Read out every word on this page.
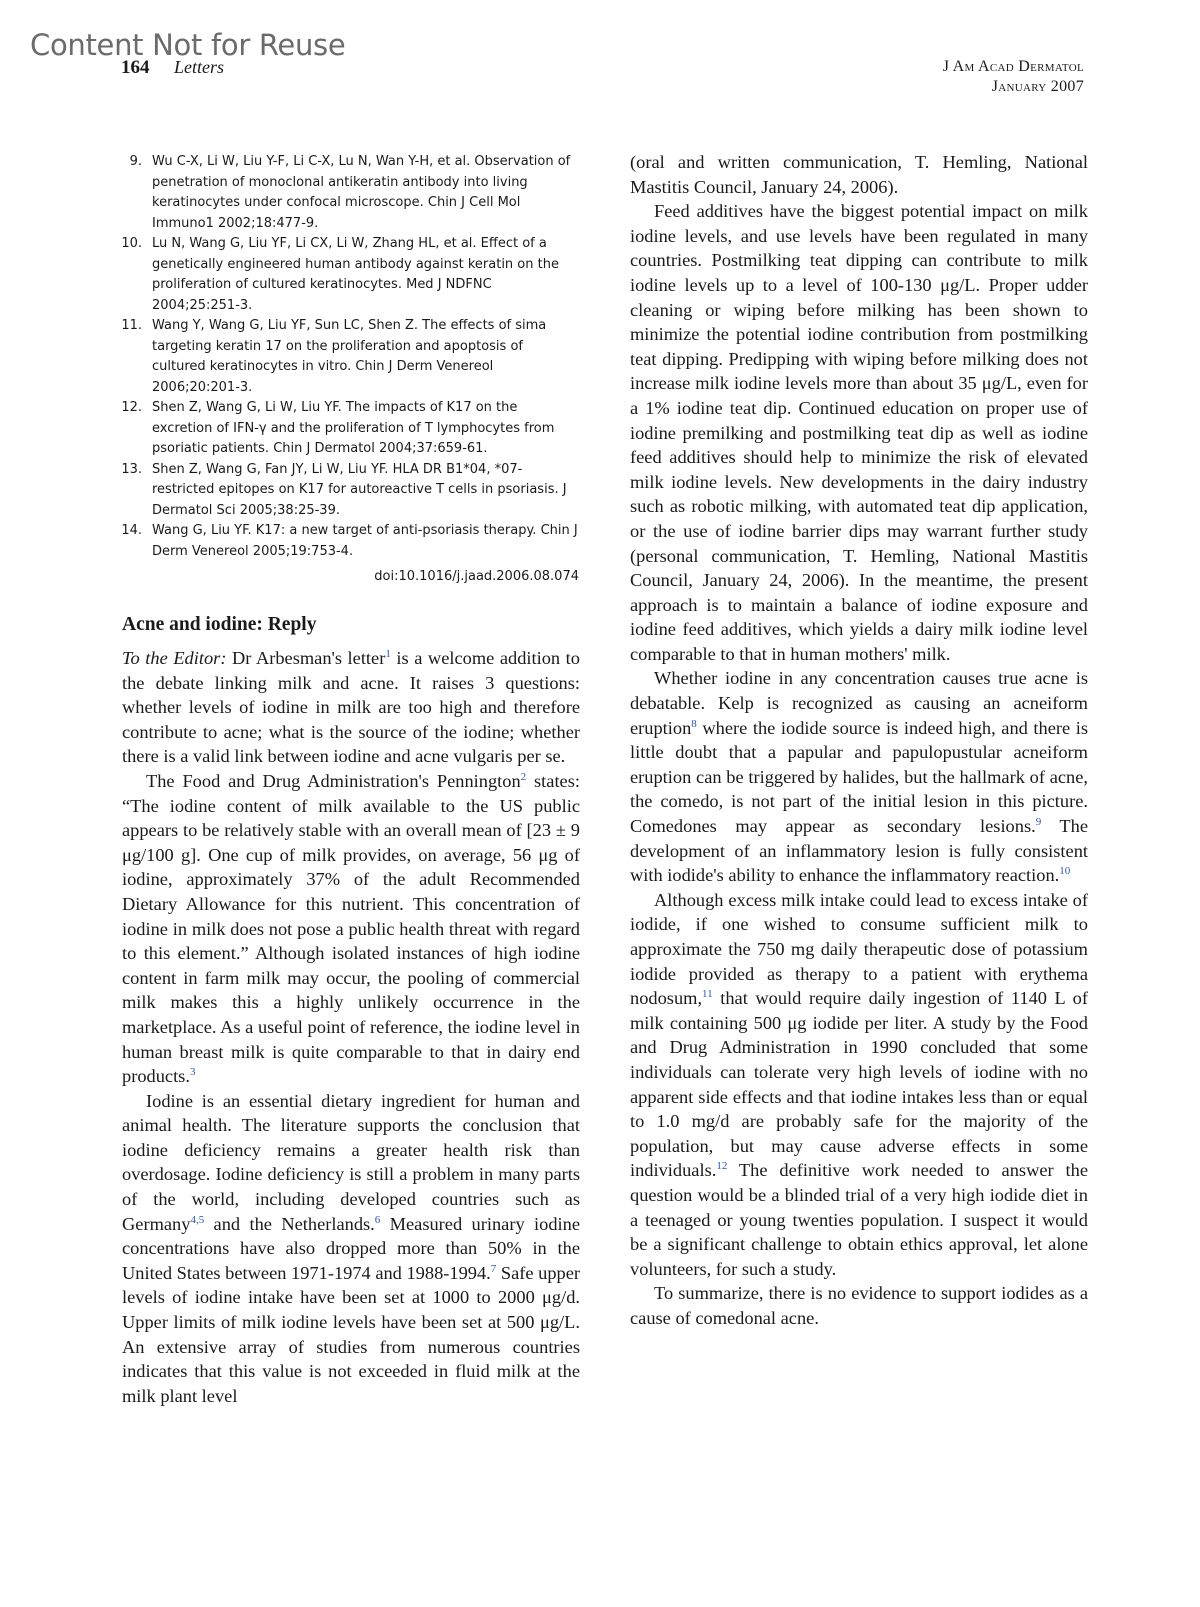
Content Not for Reuse
164 Letters	J Am Acad Dermatol
January 2007
9. Wu C-X, Li W, Liu Y-F, Li C-X, Lu N, Wan Y-H, et al. Observation of penetration of monoclonal antikeratin antibody into living keratinocytes under confocal microscope. Chin J Cell Mol Immuno1 2002;18:477-9.
10. Lu N, Wang G, Liu YF, Li CX, Li W, Zhang HL, et al. Effect of a genetically engineered human antibody against keratin on the proliferation of cultured keratinocytes. Med J NDFNC 2004;25:251-3.
11. Wang Y, Wang G, Liu YF, Sun LC, Shen Z. The effects of sima targeting keratin 17 on the proliferation and apoptosis of cultured keratinocytes in vitro. Chin J Derm Venereol 2006;20:201-3.
12. Shen Z, Wang G, Li W, Liu YF. The impacts of K17 on the excretion of IFN-γ and the proliferation of T lymphocytes from psoriatic patients. Chin J Dermatol 2004;37:659-61.
13. Shen Z, Wang G, Fan JY, Li W, Liu YF. HLA DR B1*04, *07-restricted epitopes on K17 for autoreactive T cells in psoriasis. J Dermatol Sci 2005;38:25-39.
14. Wang G, Liu YF. K17: a new target of anti-psoriasis therapy. Chin J Derm Venereol 2005;19:753-4.
doi:10.1016/j.jaad.2006.08.074
Acne and iodine: Reply

To the Editor: Dr Arbesman's letter$^1$ is a welcome addition to the debate linking milk and acne. It raises 3 questions: whether levels of iodine in milk are too high and therefore contribute to acne; what is the source of the iodine; whether there is a valid link between iodine and acne vulgaris per se.

The Food and Drug Administration's Pennington$^2$ states: “The iodine content of milk available to the US public appears to be relatively stable with an overall mean of [23 ± 9 μg/100 g]. One cup of milk provides, on average, 56 μg of iodine, approximately 37% of the adult Recommended Dietary Allowance for this nutrient. This concentration of iodine in milk does not pose a public health threat with regard to this element.” Although isolated instances of high iodine content in farm milk may occur, the pooling of commercial milk makes this a highly unlikely occurrence in the marketplace. As a useful point of reference, the iodine level in human breast milk is quite comparable to that in dairy end products.$^3$

Iodine is an essential dietary ingredient for human and animal health. The literature supports the conclusion that iodine deficiency remains a greater health risk than overdosage. Iodine deficiency is still a problem in many parts of the world, including developed countries such as Germany$^{4,5}$ and the Netherlands.$^6$ Measured urinary iodine concentrations have also dropped more than 50% in the United States between 1971-1974 and 1988-1994.$^7$ Safe upper levels of iodine intake have been set at 1000 to 2000 μg/d. Upper limits of milk iodine levels have been set at 500 μg/L. An extensive array of studies from numerous countries indicates that this value is not exceeded in fluid milk at the milk plant level

(oral and written communication, T. Hemling, National Mastitis Council, January 24, 2006).

Feed additives have the biggest potential impact on milk iodine levels, and use levels have been regulated in many countries. Postmilking teat dipping can contribute to milk iodine levels up to a level of 100-130 μg/L. Proper udder cleaning or wiping before milking has been shown to minimize the potential iodine contribution from postmilking teat dipping. Predipping with wiping before milking does not increase milk iodine levels more than about 35 μg/L, even for a 1% iodine teat dip. Continued education on proper use of iodine premilking and postmilking teat dip as well as iodine feed additives should help to minimize the risk of elevated milk iodine levels. New developments in the dairy industry such as robotic milking, with automated teat dip application, or the use of iodine barrier dips may warrant further study (personal communication, T. Hemling, National Mastitis Council, January 24, 2006). In the meantime, the present approach is to maintain a balance of iodine exposure and iodine feed additives, which yields a dairy milk iodine level comparable to that in human mothers' milk.

Whether iodine in any concentration causes true acne is debatable. Kelp is recognized as causing an acneiform eruption$^8$ where the iodide source is indeed high, and there is little doubt that a papular and papulopustular acneiform eruption can be triggered by halides, but the hallmark of acne, the comedo, is not part of the initial lesion in this picture. Comedones may appear as secondary lesions.$^9$ The development of an inflammatory lesion is fully consistent with iodide's ability to enhance the inflammatory reaction.$^{10}$

Although excess milk intake could lead to excess intake of iodide, if one wished to consume sufficient milk to approximate the 750 mg daily therapeutic dose of potassium iodide provided as therapy to a patient with erythema nodosum,$^{11}$ that would require daily ingestion of 1140 L of milk containing 500 μg iodide per liter. A study by the Food and Drug Administration in 1990 concluded that some individuals can tolerate very high levels of iodine with no apparent side effects and that iodine intakes less than or equal to 1.0 mg/d are probably safe for the majority of the population, but may cause adverse effects in some individuals.$^{12}$ The definitive work needed to answer the question would be a blinded trial of a very high iodide diet in a teenaged or young twenties population. I suspect it would be a significant challenge to obtain ethics approval, let alone volunteers, for such a study.

To summarize, there is no evidence to support iodides as a cause of comedonal acne.
